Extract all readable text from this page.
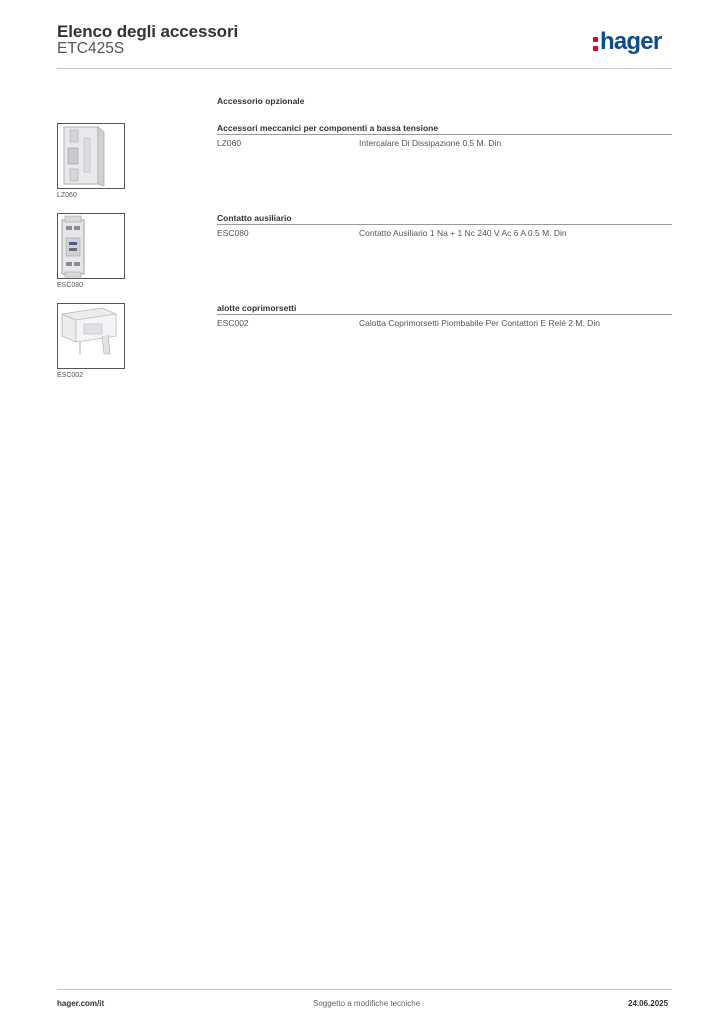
Elenco degli accessori
ETC425S	hager
Accessorio opzionale
LZ060
Accessori meccanici per componenti a bassa tensione
LZ060	Intercalare Di Dissipazione 0.5 M. Din
ESC080
Contatto ausiliario
ESC080	Contatto Ausiliario 1 Na + 1 Nc 240 V Ac 6 A 0.5 M. Din
ESC002
alotte coprimorsetti
ESC002	Calotta Coprimorsetti Piombabile Per Contattori E Relé 2 M. Din
hager.com/it	Soggetto a modifiche tecniche	24.06.2025
